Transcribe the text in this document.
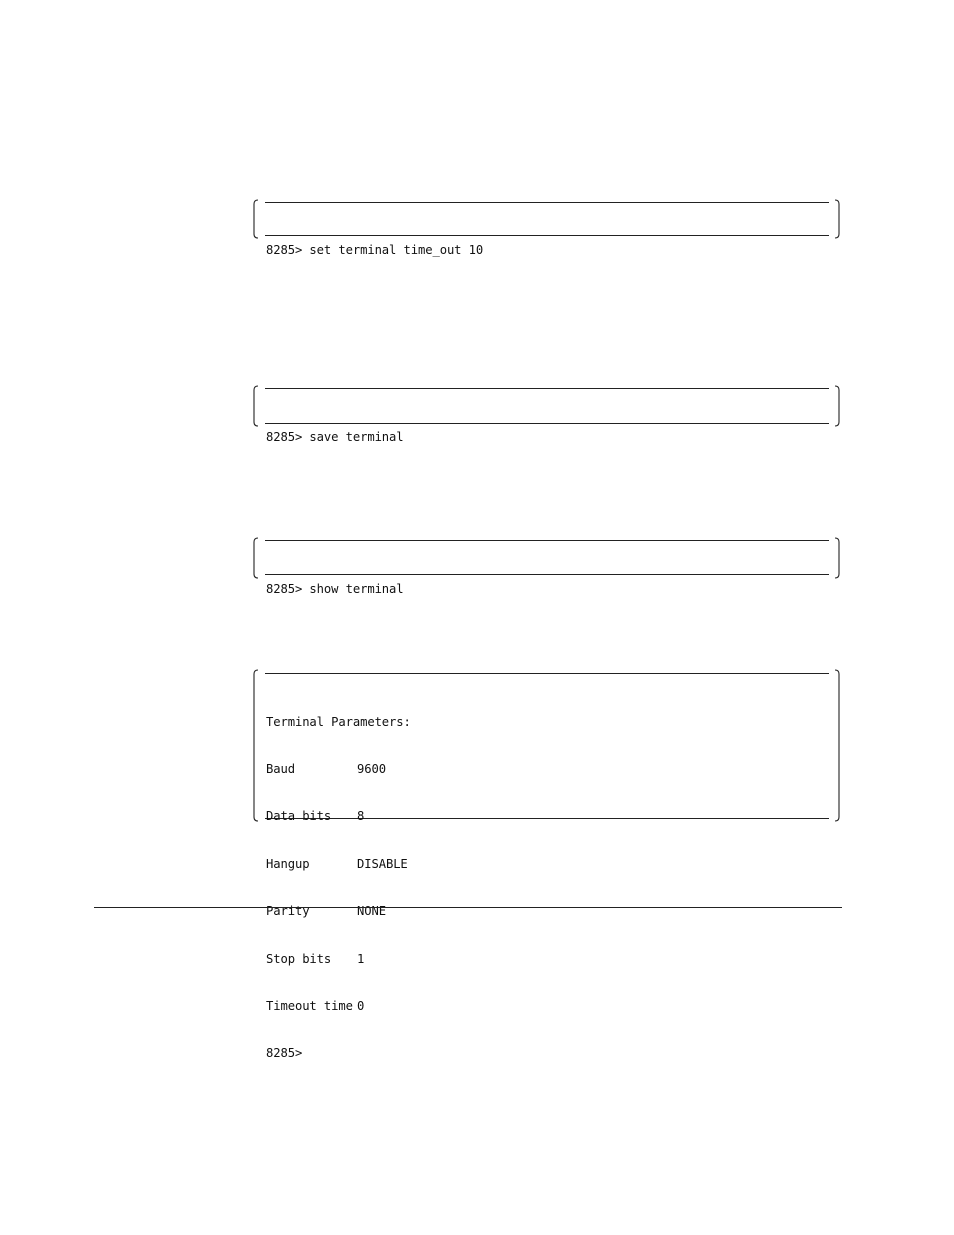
8285> set terminal time_out 10

8285> save terminal

8285> show terminal

Terminal Parameters:

Baud	9600

Data bits 8

Hangup	DISABLE

Parity	NONE

Stop bits 1

Timeout time 0

8285>
